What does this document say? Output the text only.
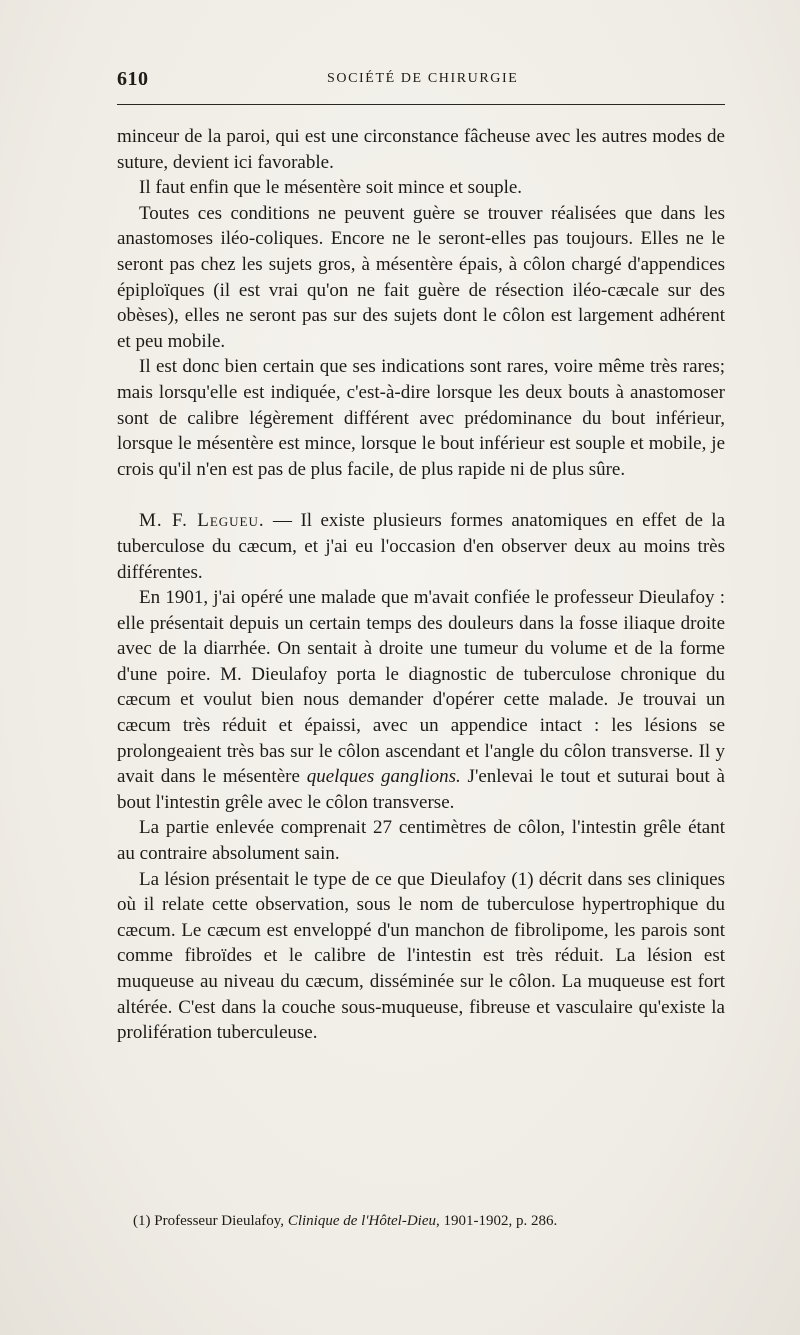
610	SOCIÉTÉ DE CHIRURGIE

minceur de la paroi, qui est une circonstance fâcheuse avec les autres modes de suture, devient ici favorable.

Il faut enfin que le mésentère soit mince et souple.

Toutes ces conditions ne peuvent guère se trouver réalisées que dans les anastomoses iléo-coliques. Encore ne le seront-elles pas toujours. Elles ne le seront pas chez les sujets gros, à mésentère épais, à côlon chargé d'appendices épiploïques (il est vrai qu'on ne fait guère de résection iléo-cæcale sur des obèses), elles ne seront pas sur des sujets dont le côlon est largement adhérent et peu mobile.

Il est donc bien certain que ses indications sont rares, voire même très rares; mais lorsqu'elle est indiquée, c'est-à-dire lorsque les deux bouts à anastomoser sont de calibre légèrement différent avec prédominance du bout inférieur, lorsque le mésentère est mince, lorsque le bout inférieur est souple et mobile, je crois qu'il n'en est pas de plus facile, de plus rapide ni de plus sûre.

M. F. Legueu. — Il existe plusieurs formes anatomiques en effet de la tuberculose du cæcum, et j'ai eu l'occasion d'en observer deux au moins très différentes.

En 1901, j'ai opéré une malade que m'avait confiée le professeur Dieulafoy : elle présentait depuis un certain temps des douleurs dans la fosse iliaque droite avec de la diarrhée. On sentait à droite une tumeur du volume et de la forme d'une poire. M. Dieulafoy porta le diagnostic de tuberculose chronique du cæcum et voulut bien nous demander d'opérer cette malade. Je trouvai un cæcum très réduit et épaissi, avec un appendice intact : les lésions se prolongeaient très bas sur le côlon ascendant et l'angle du côlon transverse. Il y avait dans le mésentère quelques ganglions. J'enlevai le tout et suturai bout à bout l'intestin grêle avec le côlon transverse.

La partie enlevée comprenait 27 centimètres de côlon, l'intestin grêle étant au contraire absolument sain.

La lésion présentait le type de ce que Dieulafoy (1) décrit dans ses cliniques où il relate cette observation, sous le nom de tuberculose hypertrophique du cæcum. Le cæcum est enveloppé d'un manchon de fibrolipome, les parois sont comme fibroïdes et le calibre de l'intestin est très réduit. La lésion est muqueuse au niveau du cæcum, disséminée sur le côlon. La muqueuse est fort altérée. C'est dans la couche sous-muqueuse, fibreuse et vasculaire qu'existe la prolifération tuberculeuse.

(1) Professeur Dieulafoy, Clinique de l'Hôtel-Dieu, 1901-1902, p. 286.
